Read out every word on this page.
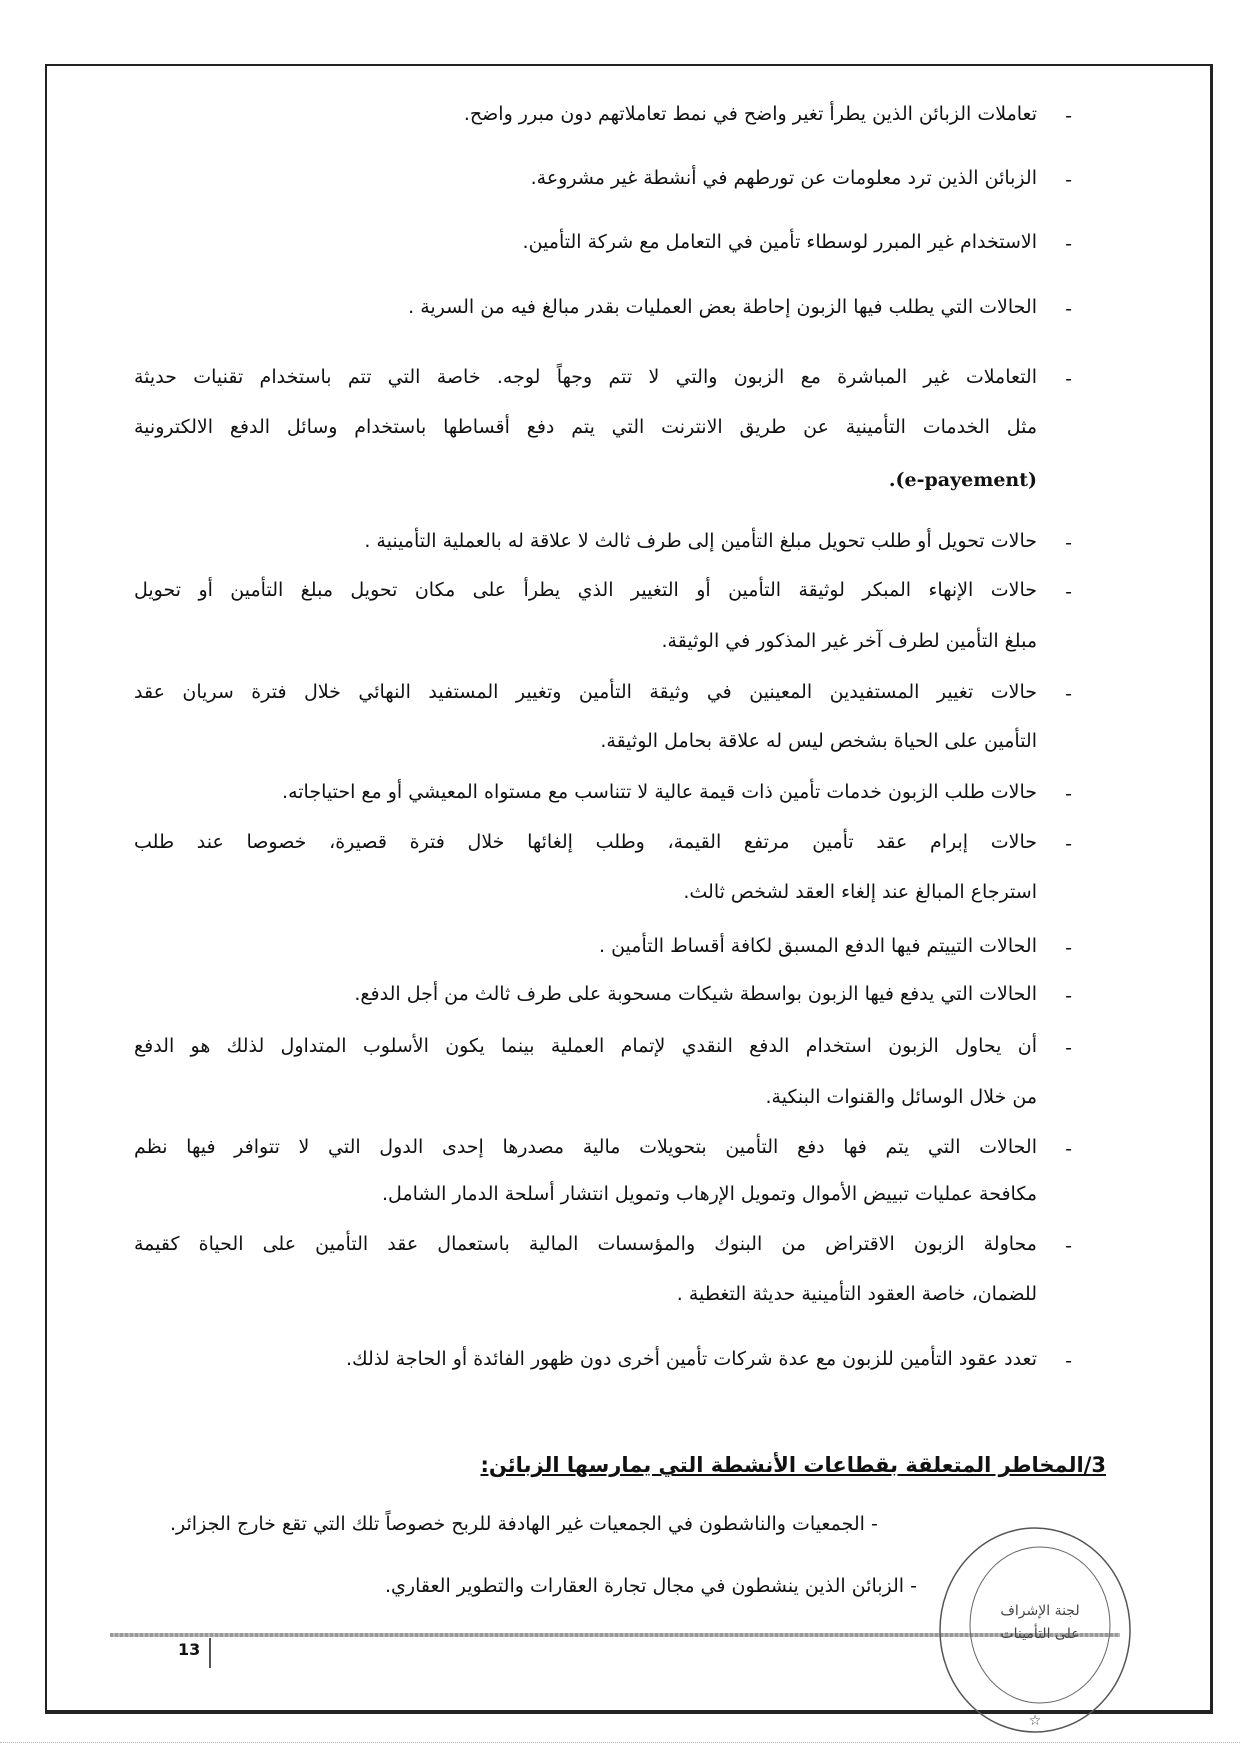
-
تعاملات الزبائن الذين يطرأ تغير واضح في نمط تعاملاتهم دون مبرر واضح.
-
الزبائن الذين ترد معلومات عن تورطهم في أنشطة غير مشروعة.
-
الاستخدام غير المبرر لوسطاء تأمين في التعامل مع شركة التأمين.
-
الحالات التي يطلب فيها الزبون إحاطة بعض العمليات بقدر مبالغ فيه من السرية .
-
التعاملات غير المباشرة مع الزبون والتي لا تتم وجهاً لوجه. خاصة التي تتم باستخدام تقنيات حديثة
مثل الخدمات التأمينية عن طريق الانترنت التي يتم دفع أقساطها باستخدام وسائل الدفع الالكترونية
.(e-payement)
-
حالات تحويل أو طلب تحويل مبلغ التأمين إلى طرف ثالث لا علاقة له بالعملية التأمينية .
-
حالات الإنهاء المبكر لوثيقة التأمين أو التغيير الذي يطرأ على مكان تحويل مبلغ التأمين أو تحويل
مبلغ التأمين لطرف آخر غير المذكور في الوثيقة.
-
حالات تغيير المستفيدين المعينين في وثيقة التأمين وتغيير المستفيد النهائي خلال فترة سريان عقد
التأمين على الحياة بشخص ليس له علاقة بحامل الوثيقة.
-
حالات طلب الزبون خدمات تأمين ذات قيمة عالية لا تتناسب مع مستواه المعيشي أو مع احتياجاته.
-
حالات إبرام عقد تأمين مرتفع القيمة، وطلب إلغائها خلال فترة قصيرة، خصوصا عند طلب
استرجاع المبالغ عند إلغاء العقد لشخص ثالث.
-
الحالات التييتم فيها الدفع المسبق لكافة أقساط التأمين .
-
الحالات التي يدفع فيها الزبون بواسطة شيكات مسحوبة على طرف ثالث من أجل الدفع.
-
أن يحاول الزبون استخدام الدفع النقدي لإتمام العملية بينما يكون الأسلوب المتداول لذلك هو الدفع
من خلال الوسائل والقنوات البنكية.
-
الحالات التي يتم فها دفع التأمين بتحويلات مالية مصدرها إحدى الدول التي لا تتوافر فيها نظم
مكافحة عمليات تبييض الأموال وتمويل الإرهاب وتمويل انتشار أسلحة الدمار الشامل.
-
محاولة الزبون الاقتراض من البنوك والمؤسسات المالية باستعمال عقد التأمين على الحياة كقيمة
للضمان، خاصة العقود التأمينية حديثة التغطية .
-
تعدد عقود التأمين للزبون مع عدة شركات تأمين أخرى دون ظهور الفائدة أو الحاجة لذلك.
3/المخاطر المتعلقة بقطاعات الأنشطة التي يمارسها الزبائن:
- الجمعيات والناشطون في الجمعيات غير الهادفة للربح خصوصاً تلك التي تقع خارج الجزائر.
- الزبائن الذين ينشطون في مجال تجارة العقارات والتطوير العقاري.
13
لجنة الإشراف
على التأمينات
☆
